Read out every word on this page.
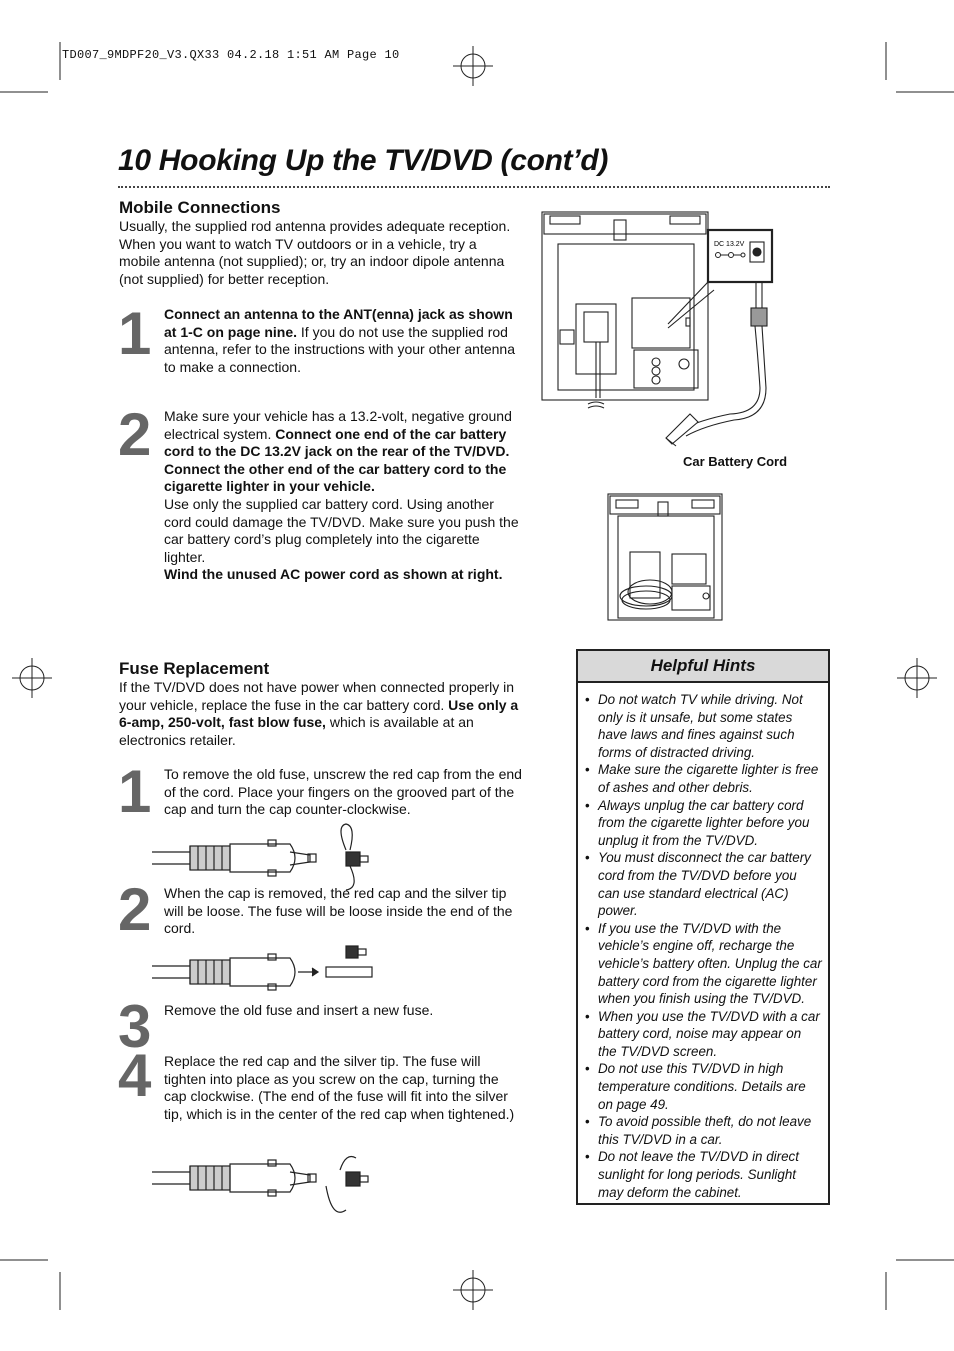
TD007_9MDPF20_V3.QX33 04.2.18 1:51 AM Page 10
10 Hooking Up the TV/DVD (cont’d)
Mobile Connections
Usually, the supplied rod antenna provides adequate reception. When you want to watch TV outdoors or in a vehicle, try a mobile antenna (not supplied); or, try an indoor dipole antenna (not supplied) for better reception.
1 Connect an antenna to the ANT(enna) jack as shown at 1-C on page nine. If you do not use the supplied rod antenna, refer to the instructions with your other antenna to make a connection.
2 Make sure your vehicle has a 13.2-volt, negative ground electrical system. Connect one end of the car battery cord to the DC 13.2V jack on the rear of the TV/DVD. Connect the other end of the car battery cord to the cigarette lighter in your vehicle.
Use only the supplied car battery cord. Using another cord could damage the TV/DVD. Make sure you push the car battery cord’s plug completely into the cigarette lighter.
Wind the unused AC power cord as shown at right.
Fuse Replacement
If the TV/DVD does not have power when connected properly in your vehicle, replace the fuse in the car battery cord. Use only a 6-amp, 250-volt, fast blow fuse, which is available at an electronics retailer.
1 To remove the old fuse, unscrew the red cap from the end of the cord. Place your fingers on the grooved part of the cap and turn the cap counter-clockwise.
2 When the cap is removed, the red cap and the silver tip will be loose. The fuse will be loose inside the end of the cord.
3 Remove the old fuse and insert a new fuse.
4 Replace the red cap and the silver tip. The fuse will tighten into place as you screw on the cap, turning the cap clockwise. (The end of the fuse will fit into the silver tip, which is in the center of the red cap when tightened.)
DC 13.2V
Car Battery Cord
Helpful Hints
• Do not watch TV while driving. Not only is it unsafe, but some states have laws and fines against such forms of distracted driving.
• Make sure the cigarette lighter is free of ashes and other debris.
• Always unplug the car battery cord from the cigarette lighter before you unplug it from the TV/DVD.
• You must disconnect the car battery cord from the TV/DVD before you can use standard electrical (AC) power.
• If you use the TV/DVD with the vehicle’s engine off, recharge the vehicle’s battery often. Unplug the car battery cord from the cigarette lighter when you finish using the TV/DVD.
• When you use the TV/DVD with a car battery cord, noise may appear on the TV/DVD screen.
• Do not use this TV/DVD in high temperature conditions. Details are on page 49.
• To avoid possible theft, do not leave this TV/DVD in a car.
• Do not leave the TV/DVD in direct sunlight for long periods. Sunlight may deform the cabinet.
